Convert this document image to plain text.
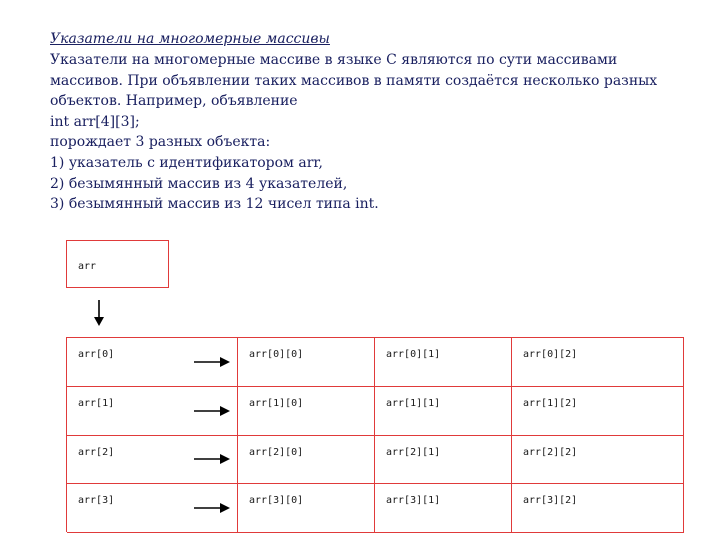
Указатели на многомерные массивы
Указатели на многомерные массиве в языке С являются по сути массивами
массивов. При объявлении таких массивов в памяти создаётся несколько разных
объектов. Например, объявление
int arr[4][3];
порождает 3 разных объекта:
1) указатель с идентификатором arr,
2) безымянный массив из 4 указателей,
3) безымянный массив из 12 чисел типа int.
arr
arr[0]	arr[0][0]	arr[0][1]	arr[0][2]
arr[1]	arr[1][0]	arr[1][1]	arr[1][2]
arr[2]	arr[2][0]	arr[2][1]	arr[2][2]
arr[3]	arr[3][0]	arr[3][1]	arr[3][2]
